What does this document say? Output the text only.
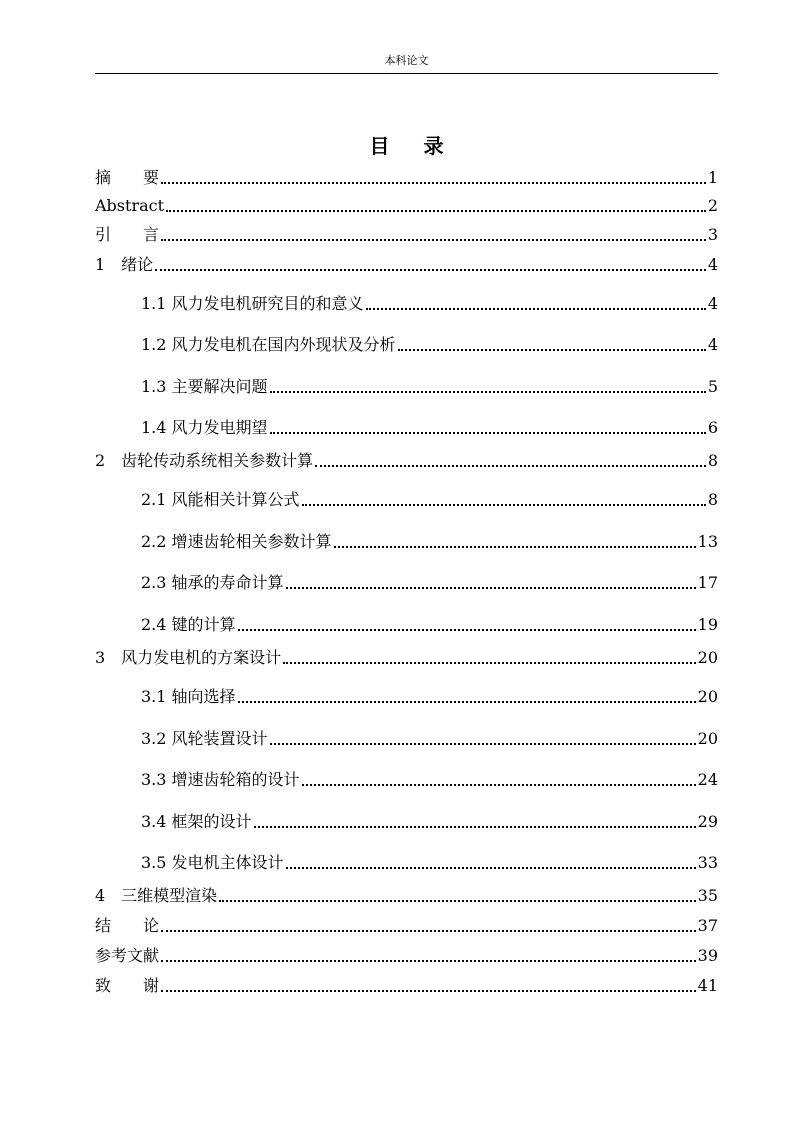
本科论文
目 录
摘　　要	1
Abstract	2
引　　言	3
1　绪论	4
1.1 风力发电机研究目的和意义	4
1.2 风力发电机在国内外现状及分析	4
1.3 主要解决问题	5
1.4 风力发电期望	6
2　齿轮传动系统相关参数计算	8
2.1 风能相关计算公式	8
2.2 增速齿轮相关参数计算	13
2.3 轴承的寿命计算	17
2.4 键的计算	19
3　风力发电机的方案设计	20
3.1 轴向选择	20
3.2 风轮装置设计	20
3.3 增速齿轮箱的设计	24
3.4 框架的设计	29
3.5 发电机主体设计	33
4　三维模型渲染	35
结　　论	37
参考文献	39
致　　谢	41
